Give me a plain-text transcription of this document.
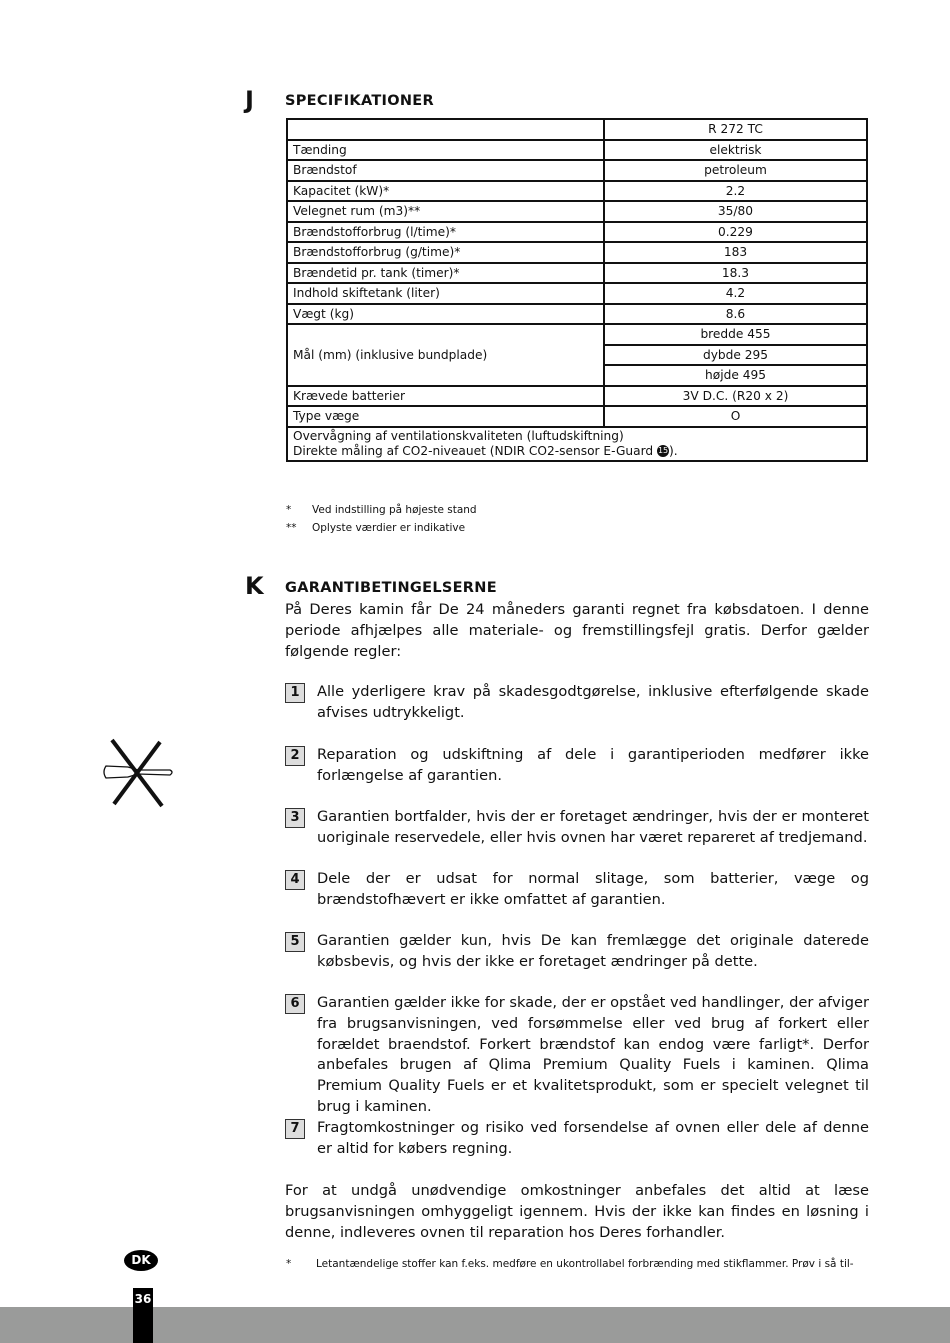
J SPECIFIKATIONER
	R 272 TC
Tænding	elektrisk
Brændstof	petroleum
Kapacitet (kW)*	2.2
Velegnet rum (m3)**	35/80
Brændstofforbrug (l/time)*	0.229
Brændstofforbrug (g/time)*	183
Brændetid pr. tank (timer)*	18.3
Indhold skiftetank (liter)	4.2
Vægt (kg)	8.6
Mål (mm) (inklusive bundplade)	bredde 455
	dybde 295
	højde 495
Krævede batterier	3V D.C. (R20 x 2)
Type væge	O
Overvågning af ventilationskvaliteten (luftudskiftning)
Direkte måling af CO2-niveauet (NDIR CO2-sensor E-Guard 15).	
* Ved indstilling på højeste stand
** Oplyste værdier er indikative
K GARANTIBETINGELSERNE
På Deres kamin får De 24 måneders garanti regnet fra købsdatoen. I denne periode afhjælpes alle materiale- og fremstillingsfejl gratis. Derfor gælder følgende regler:
1	Alle yderligere krav på skadesgodtgørelse, inklusive efterfølgende skade afvises udtrykkeligt.
2	Reparation og udskiftning af dele i garantiperioden medfører ikke forlængelse af garantien.
3	Garantien bortfalder, hvis der er foretaget ændringer, hvis der er monteret uoriginale reservedele, eller hvis ovnen har været repareret af tredjemand.
4	Dele der er udsat for normal slitage, som batterier, væge og brændstofhævert er ikke omfattet af garantien.
5	Garantien gælder kun, hvis De kan fremlægge det originale daterede købsbevis, og hvis der ikke er foretaget ændringer på dette.
6	Garantien gælder ikke for skade, der er opstået ved handlinger, der afviger fra brugsanvisningen, ved forsømmelse eller ved brug af forkert eller forældet braendstof. Forkert brændstof kan endog være farligt*. Derfor anbefales brugen af Qlima Premium Quality Fuels i kaminen. Qlima Premium Quality Fuels er et kvalitetsprodukt, som er specielt velegnet til brug i kaminen.
7	Fragtomkostninger og risiko ved forsendelse af ovnen eller dele af denne er altid for købers regning.
For at undgå unødvendige omkostninger anbefales det altid at læse brugsanvisningen omhyggeligt igennem. Hvis der ikke kan findes en løsning i denne, indleveres ovnen til reparation hos Deres forhandler.
* Letantændelige stoffer kan f.eks. medføre en ukontrollabel forbrænding med stikflammer. Prøv i så til-
DK
36
